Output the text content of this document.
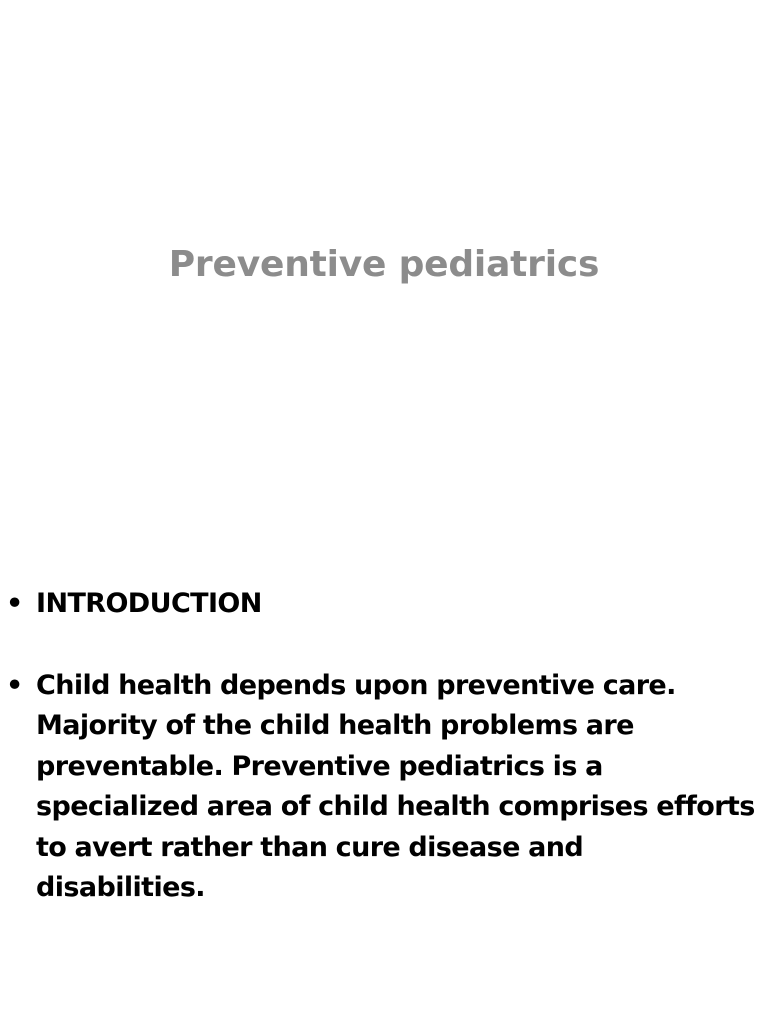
Preventive pediatrics
• INTRODUCTION
• Child health depends upon preventive care. Majority of the child health problems are preventable. Preventive pediatrics is a specialized area of child health comprises efforts to avert rather than cure disease and disabilities.
